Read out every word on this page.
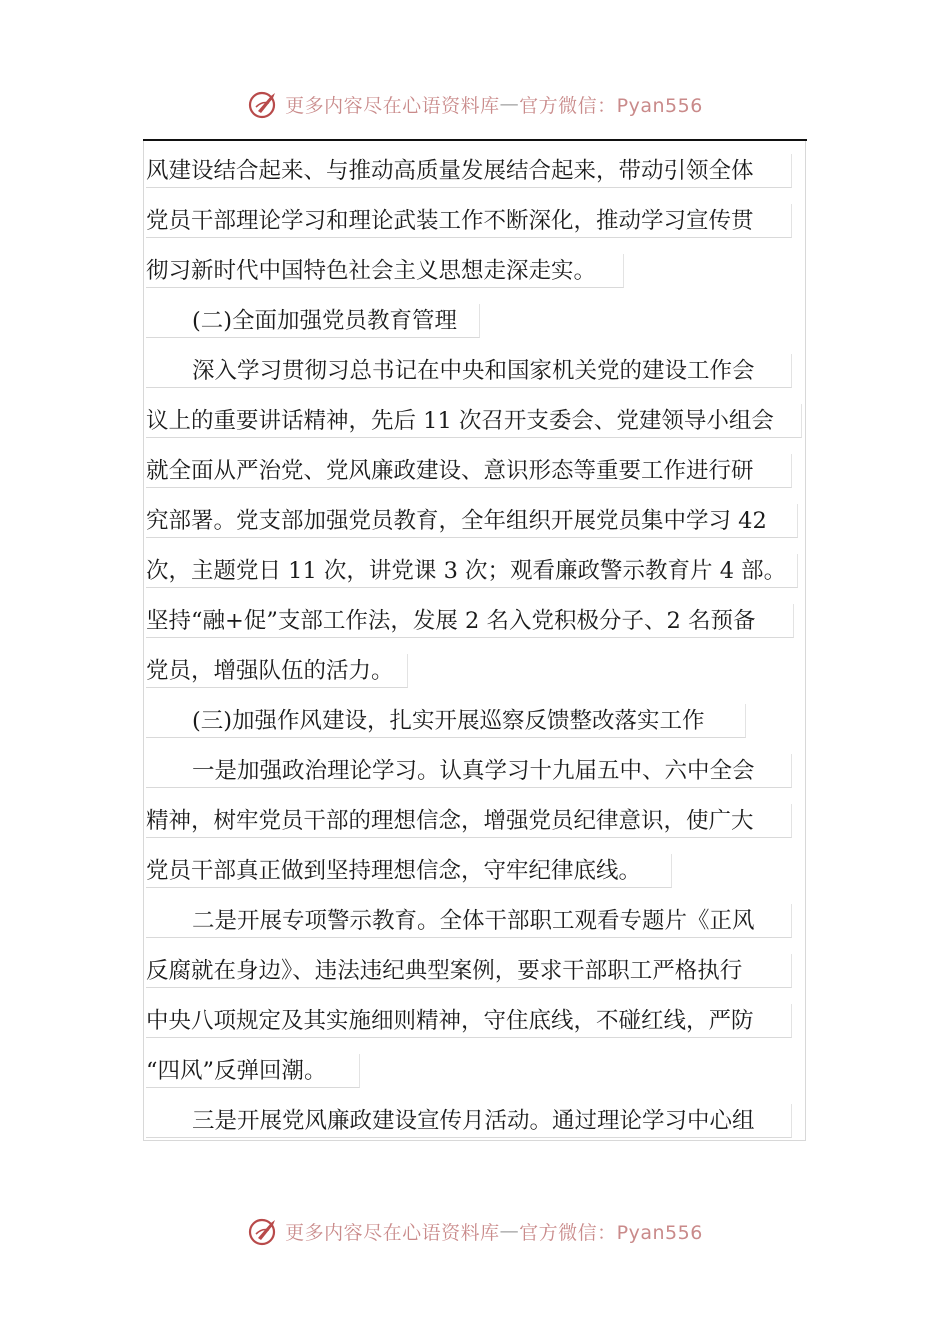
更多内容尽在心语资料库 — 官方微信：Pyan556
风建设结合起来、与推动高质量发展结合起来，带动引领全体
党员干部理论学习和理论武装工作不断深化，推动学习宣传贯
彻习新时代中国特色社会主义思想走深走实。
(二)全面加强党员教育管理
深入学习贯彻习总书记在中央和国家机关党的建设工作会
议上的重要讲话精神，先后 11 次召开支委会、党建领导小组会
就全面从严治党、党风廉政建设、意识形态等重要工作进行研
究部署。党支部加强党员教育，全年组织开展党员集中学习 42
次，主题党日 11 次，讲党课 3 次；观看廉政警示教育片 4 部。
坚持“融+促”支部工作法，发展 2 名入党积极分子、2 名预备
党员，增强队伍的活力。
(三)加强作风建设，扎实开展巡察反馈整改落实工作
一是加强政治理论学习。认真学习十九届五中、六中全会
精神，树牢党员干部的理想信念，增强党员纪律意识，使广大
党员干部真正做到坚持理想信念，守牢纪律底线。
二是开展专项警示教育。全体干部职工观看专题片《正风
反腐就在身边》、违法违纪典型案例，要求干部职工严格执行
中央八项规定及其实施细则精神，守住底线，不碰红线，严防
“四风”反弹回潮。
三是开展党风廉政建设宣传月活动。通过理论学习中心组
更多内容尽在心语资料库 — 官方微信：Pyan556
